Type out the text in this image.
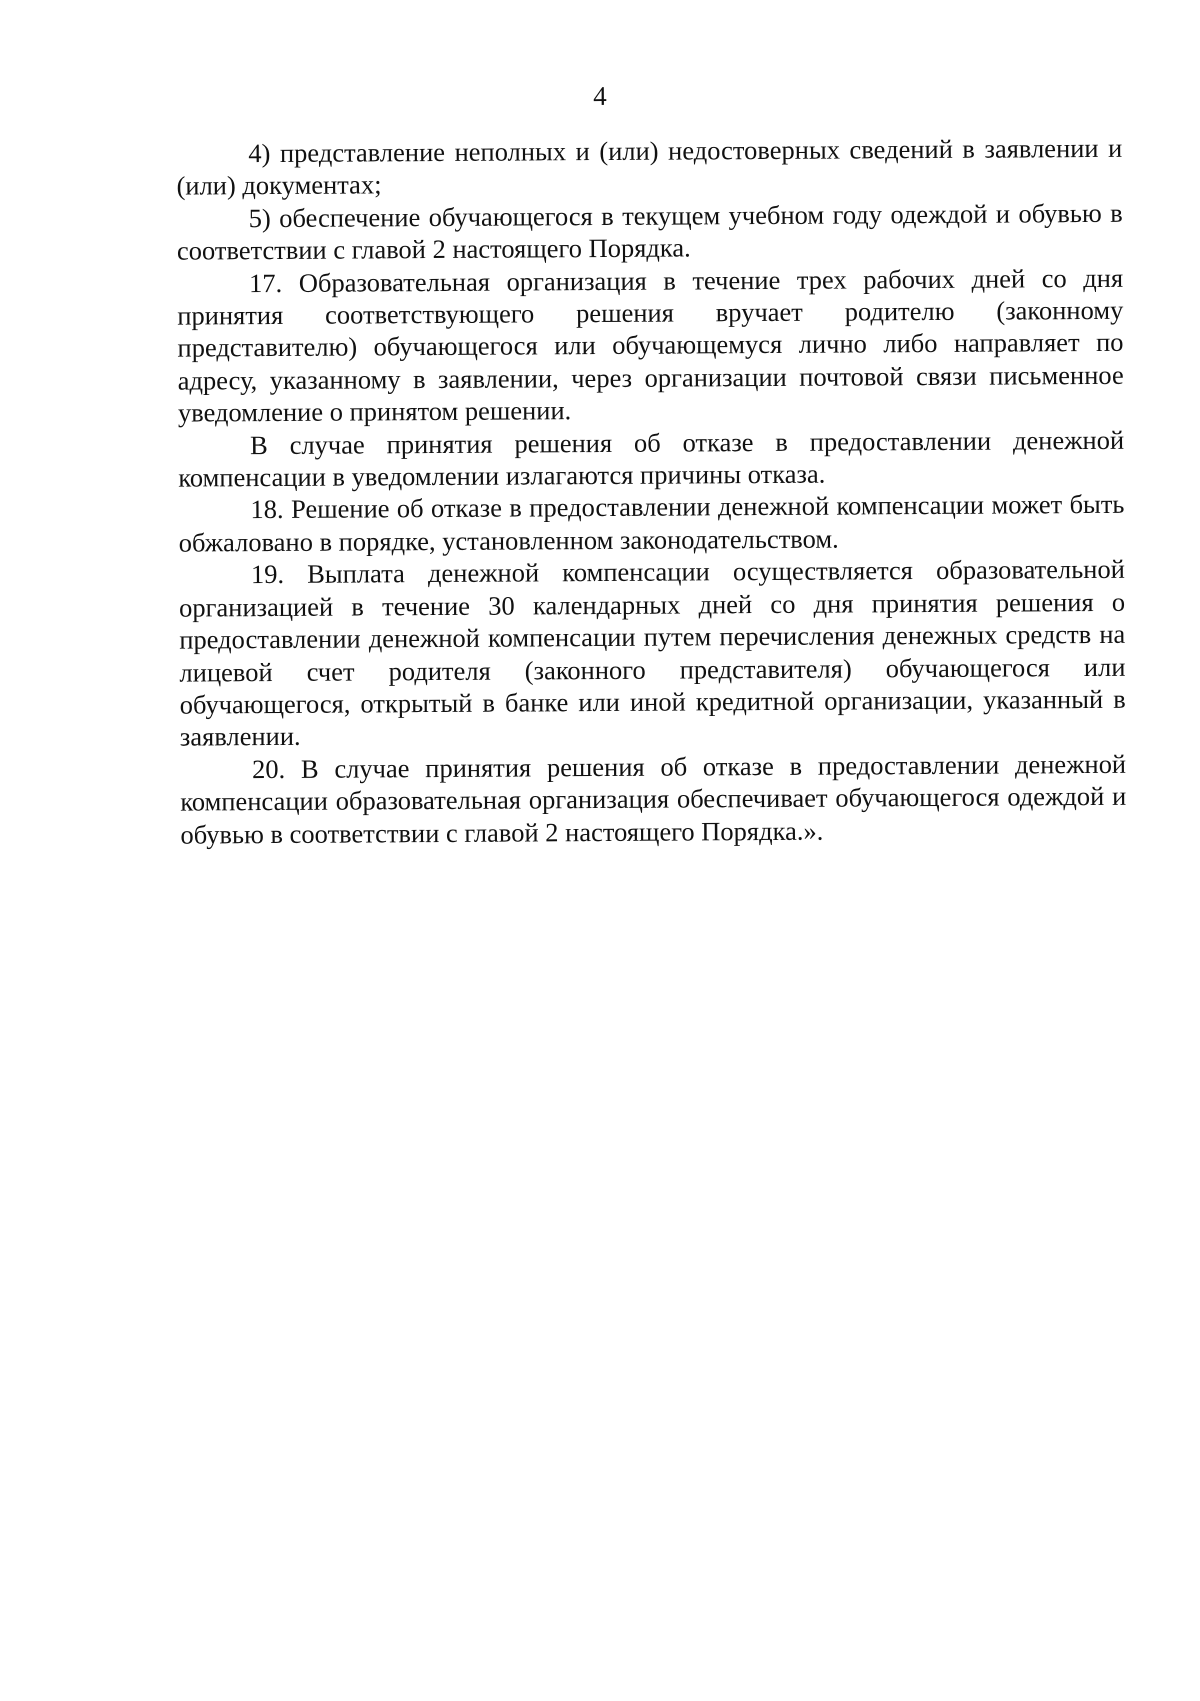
4

4) представление неполных и (или) недостоверных сведений в заявлении и (или) документах;

5) обеспечение обучающегося в текущем учебном году одеждой и обувью в соответствии с главой 2 настоящего Порядка.

17. Образовательная организация в течение трех рабочих дней со дня принятия соответствующего решения вручает родителю (законному представителю) обучающегося или обучающемуся лично либо направляет по адресу, указанному в заявлении, через организации почтовой связи письменное уведомление о принятом решении.

В случае принятия решения об отказе в предоставлении денежной компенсации в уведомлении излагаются причины отказа.

18. Решение об отказе в предоставлении денежной компенсации может быть обжаловано в порядке, установленном законодательством.

19. Выплата денежной компенсации осуществляется образовательной организацией в течение 30 календарных дней со дня принятия решения о предоставлении денежной компенсации путем перечисления денежных средств на лицевой счет родителя (законного представителя) обучающегося или обучающегося, открытый в банке или иной кредитной организации, указанный в заявлении.

20. В случае принятия решения об отказе в предоставлении денежной компенсации образовательная организация обеспечивает обучающегося одеждой и обувью в соответствии с главой 2 настоящего Порядка.».
